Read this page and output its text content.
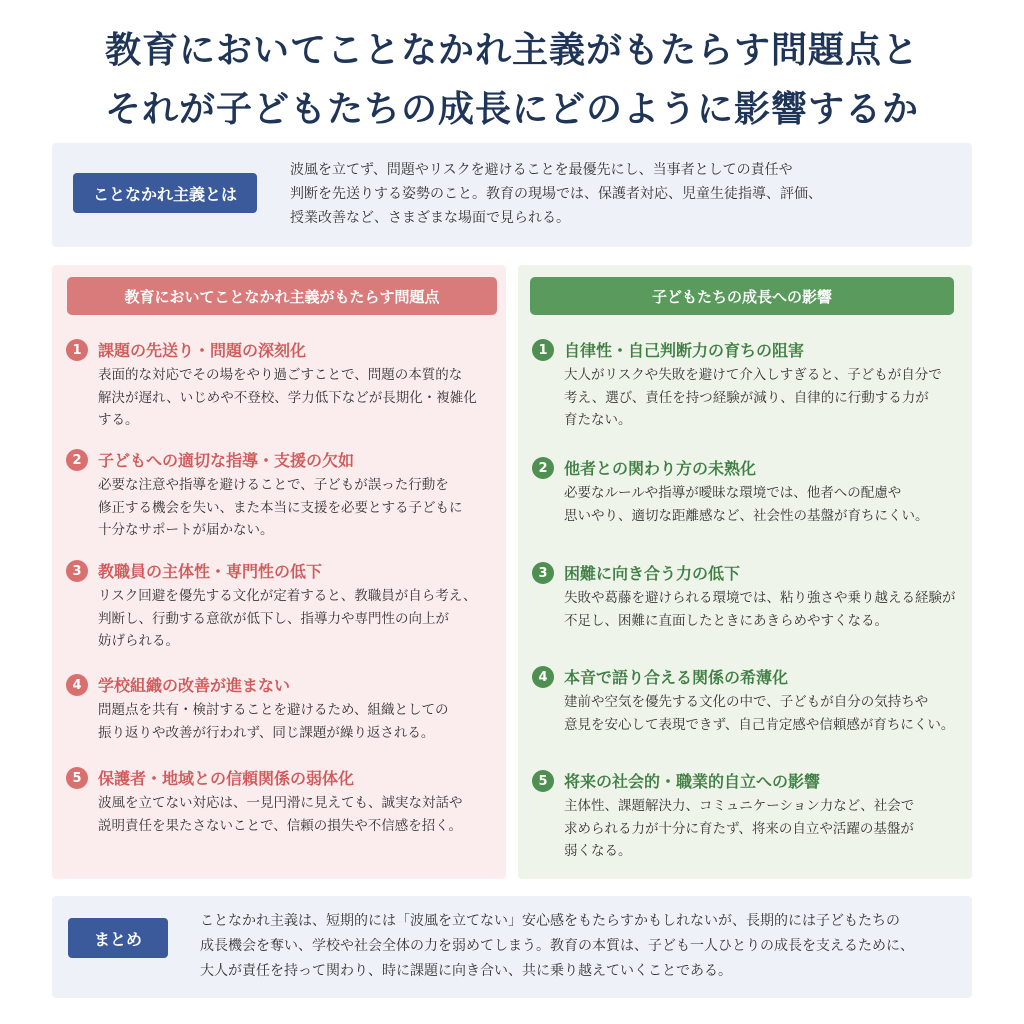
教育においてことなかれ主義がもたらす問題点と
それが子どもたちの成長にどのように影響するか
ことなかれ主義とは
波風を立てず、問題やリスクを避けることを最優先にし、当事者としての責任や
判断を先送りする姿勢のこと。教育の現場では、保護者対応、児童生徒指導、評価、
授業改善など、さまざまな場面で見られる。
教育においてことなかれ主義がもたらす問題点
1	課題の先送り・問題の深刻化
表面的な対応でその場をやり過ごすことで、問題の本質的な
解決が遅れ、いじめや不登校、学力低下などが長期化・複雑化
する。
2	子どもへの適切な指導・支援の欠如
必要な注意や指導を避けることで、子どもが誤った行動を
修正する機会を失い、また本当に支援を必要とする子どもに
十分なサポートが届かない。
3	教職員の主体性・専門性の低下
リスク回避を優先する文化が定着すると、教職員が自ら考え、
判断し、行動する意欲が低下し、指導力や専門性の向上が
妨げられる。
4	学校組織の改善が進まない
問題点を共有・検討することを避けるため、組織としての
振り返りや改善が行われず、同じ課題が繰り返される。
5	保護者・地域との信頼関係の弱体化
波風を立てない対応は、一見円滑に見えても、誠実な対話や
説明責任を果たさないことで、信頼の損失や不信感を招く。
子どもたちの成長への影響
1	自律性・自己判断力の育ちの阻害
大人がリスクや失敗を避けて介入しすぎると、子どもが自分で
考え、選び、責任を持つ経験が減り、自律的に行動する力が
育たない。
2	他者との関わり方の未熟化
必要なルールや指導が曖昧な環境では、他者への配慮や
思いやり、適切な距離感など、社会性の基盤が育ちにくい。
3	困難に向き合う力の低下
失敗や葛藤を避けられる環境では、粘り強さや乗り越える経験が
不足し、困難に直面したときにあきらめやすくなる。
4	本音で語り合える関係の希薄化
建前や空気を優先する文化の中で、子どもが自分の気持ちや
意見を安心して表現できず、自己肯定感や信頼感が育ちにくい。
5	将来の社会的・職業的自立への影響
主体性、課題解決力、コミュニケーション力など、社会で
求められる力が十分に育たず、将来の自立や活躍の基盤が
弱くなる。
まとめ
ことなかれ主義は、短期的には「波風を立てない」安心感をもたらすかもしれないが、長期的には子どもたちの
成長機会を奪い、学校や社会全体の力を弱めてしまう。教育の本質は、子ども一人ひとりの成長を支えるために、
大人が責任を持って関わり、時に課題に向き合い、共に乗り越えていくことである。
